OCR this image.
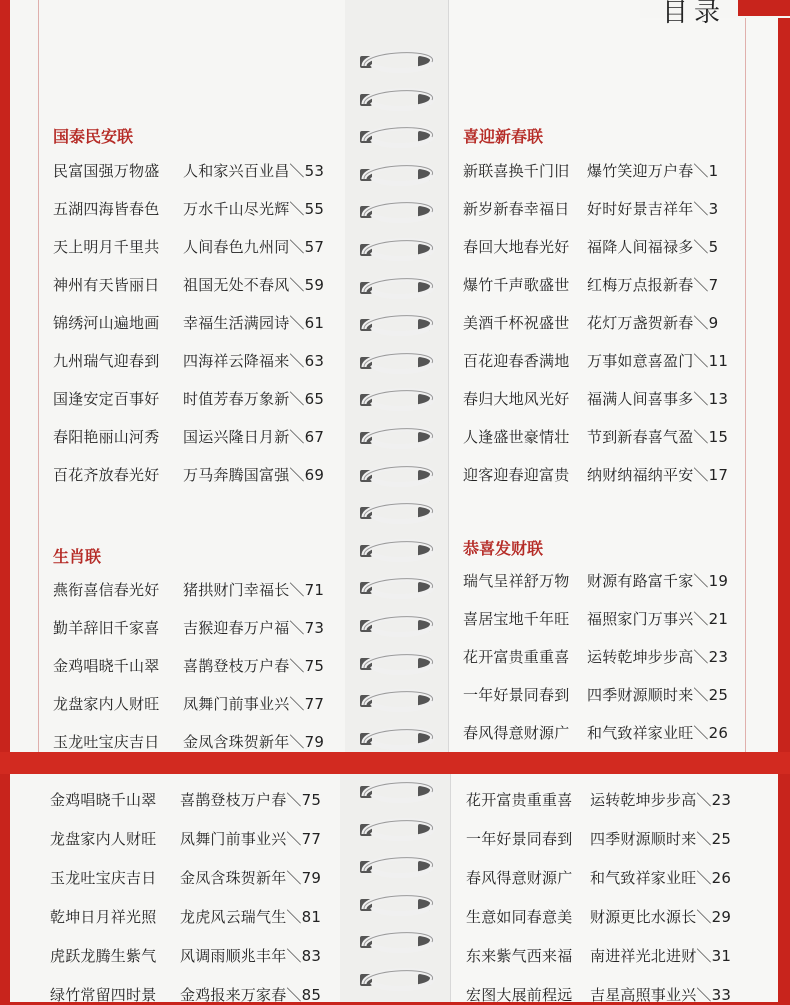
目录
国泰民安联
民富国强万物盛 人和家兴百业昌＼53
五湖四海皆春色 万水千山尽光辉＼55
天上明月千里共 人间春色九州同＼57
神州有天皆丽日 祖国无处不春风＼59
锦绣河山遍地画 幸福生活满园诗＼61
九州瑞气迎春到 四海祥云降福来＼63
国逢安定百事好 时值芳春万象新＼65
春阳艳丽山河秀 国运兴隆日月新＼67
百花齐放春光好 万马奔腾国富强＼69
生肖联
燕衔喜信春光好 猪拱财门幸福长＼71
勤羊辞旧千家喜 吉猴迎春万户福＼73
金鸡唱晓千山翠 喜鹊登枝万户春＼75
龙盘家内人财旺 凤舞门前事业兴＼77
玉龙吐宝庆吉日 金凤含珠贺新年＼79
喜迎新春联
新联喜换千门旧 爆竹笑迎万户春＼1
新岁新春幸福日 好时好景吉祥年＼3
春回大地春光好 福降人间福禄多＼5
爆竹千声歌盛世 红梅万点报新春＼7
美酒千杯祝盛世 花灯万盏贺新春＼9
百花迎春香满地 万事如意喜盈门＼11
春归大地风光好 福满人间喜事多＼13
人逢盛世豪情壮 节到新春喜气盈＼15
迎客迎春迎富贵 纳财纳福纳平安＼17
恭喜发财联
瑞气呈祥舒万物 财源有路富千家＼19
喜居宝地千年旺 福照家门万事兴＼21
花开富贵重重喜 运转乾坤步步高＼23
一年好景同春到 四季财源顺时来＼25
春风得意财源广 和气致祥家业旺＼26
金鸡唱晓千山翠 喜鹊登枝万户春＼75
龙盘家内人财旺 凤舞门前事业兴＼77
玉龙吐宝庆吉日 金凤含珠贺新年＼79
乾坤日月祥光照 龙虎风云瑞气生＼81
虎跃龙腾生紫气 风调雨顺兆丰年＼83
绿竹常留四时景 金鸡报来万家春＼85
花开富贵重重喜 运转乾坤步步高＼23
一年好景同春到 四季财源顺时来＼25
春风得意财源广 和气致祥家业旺＼26
生意如同春意美 财源更比水源长＼29
东来紫气西来福 南进祥光北进财＼31
宏图大展前程远 吉星高照事业兴＼33
